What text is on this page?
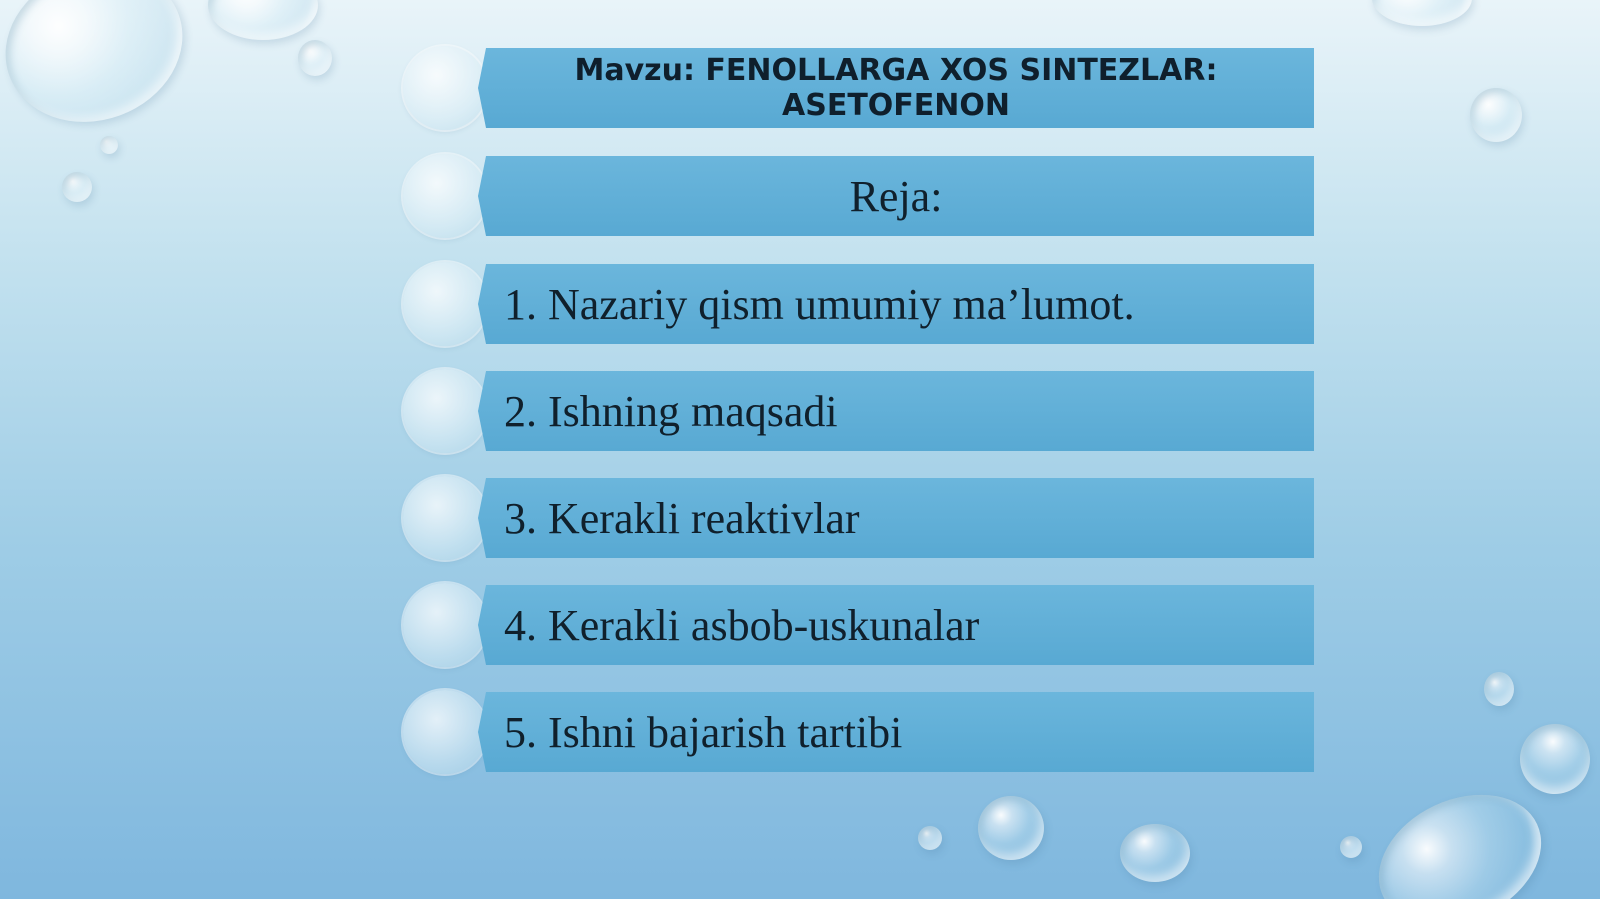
Mavzu: FENOLLARGA XOS SINTEZLAR: ASETOFENON
Reja:
1. Nazariy qism umumiy ma’lumot.
2. Ishning maqsadi
3. Kerakli reaktivlar
4. Kerakli asbob-uskunalar
5. Ishni bajarish tartibi
